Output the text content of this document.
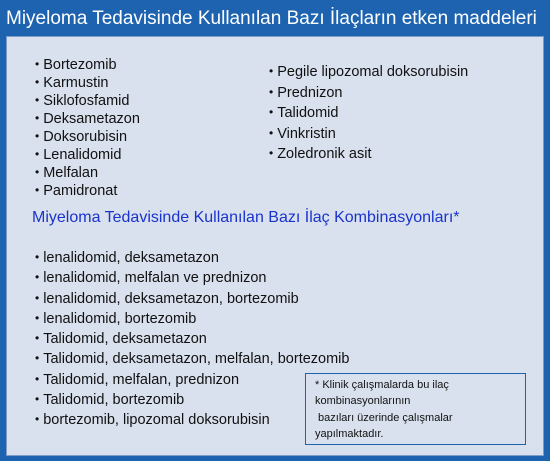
Miyeloma Tedavisinde Kullanılan Bazı İlaçların etken maddeleri
• Bortezomib
• Karmustin
• Siklofosfamid
• Deksametazon
• Doksorubisin
• Lenalidomid
• Melfalan
• Pamidronat
• Pegile lipozomal doksorubisin
• Prednizon
• Talidomid
• Vinkristin
• Zoledronik asit
Miyeloma Tedavisinde Kullanılan Bazı İlaç Kombinasyonları*
• lenalidomid, deksametazon
• lenalidomid, melfalan ve prednizon
• lenalidomid, deksametazon, bortezomib
• lenalidomid, bortezomib
• Talidomid, deksametazon
• Talidomid, deksametazon, melfalan, bortezomib
• Talidomid, melfalan, prednizon
• Talidomid, bortezomib
• bortezomib, lipozomal doksorubisin
* Klinik çalışmalarda bu ilaç
kombinasyonlarının
bazıları üzerinde çalışmalar
yapılmaktadır.
